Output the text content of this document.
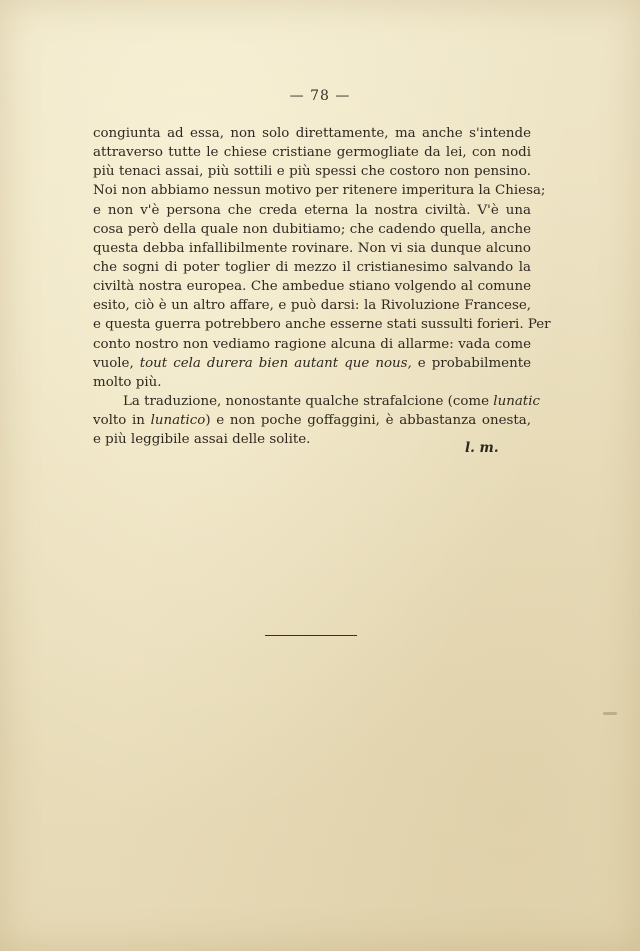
— 78 —
congiunta ad essa, non solo direttamente, ma anche s'intende
attraverso tutte le chiese cristiane germogliate da lei, con nodi
più tenaci assai, più sottili e più spessi che costoro non pensino.
Noi non abbiamo nessun motivo per ritenere imperitura la Chiesa;
e non v'è persona che creda eterna la nostra civiltà. V'è una
cosa però della quale non dubitiamo; che cadendo quella, anche
questa debba infallibilmente rovinare. Non vi sia dunque alcuno
che sogni di poter toglier di mezzo il cristianesimo salvando la
civiltà nostra europea. Che ambedue stiano volgendo al comune
esito, ciò è un altro affare, e può darsi: la Rivoluzione Francese,
e questa guerra potrebbero anche esserne stati sussulti forieri. Per
conto nostro non vediamo ragione alcuna di allarme: vada come
vuole, tout cela durera bien autant que nous, e probabilmente
molto più.
La traduzione, nonostante qualche strafalcione (come lunatic
volto in lunatico) e non poche goffaggini, è abbastanza onesta,
e più leggibile assai delle solite.
l. m.
